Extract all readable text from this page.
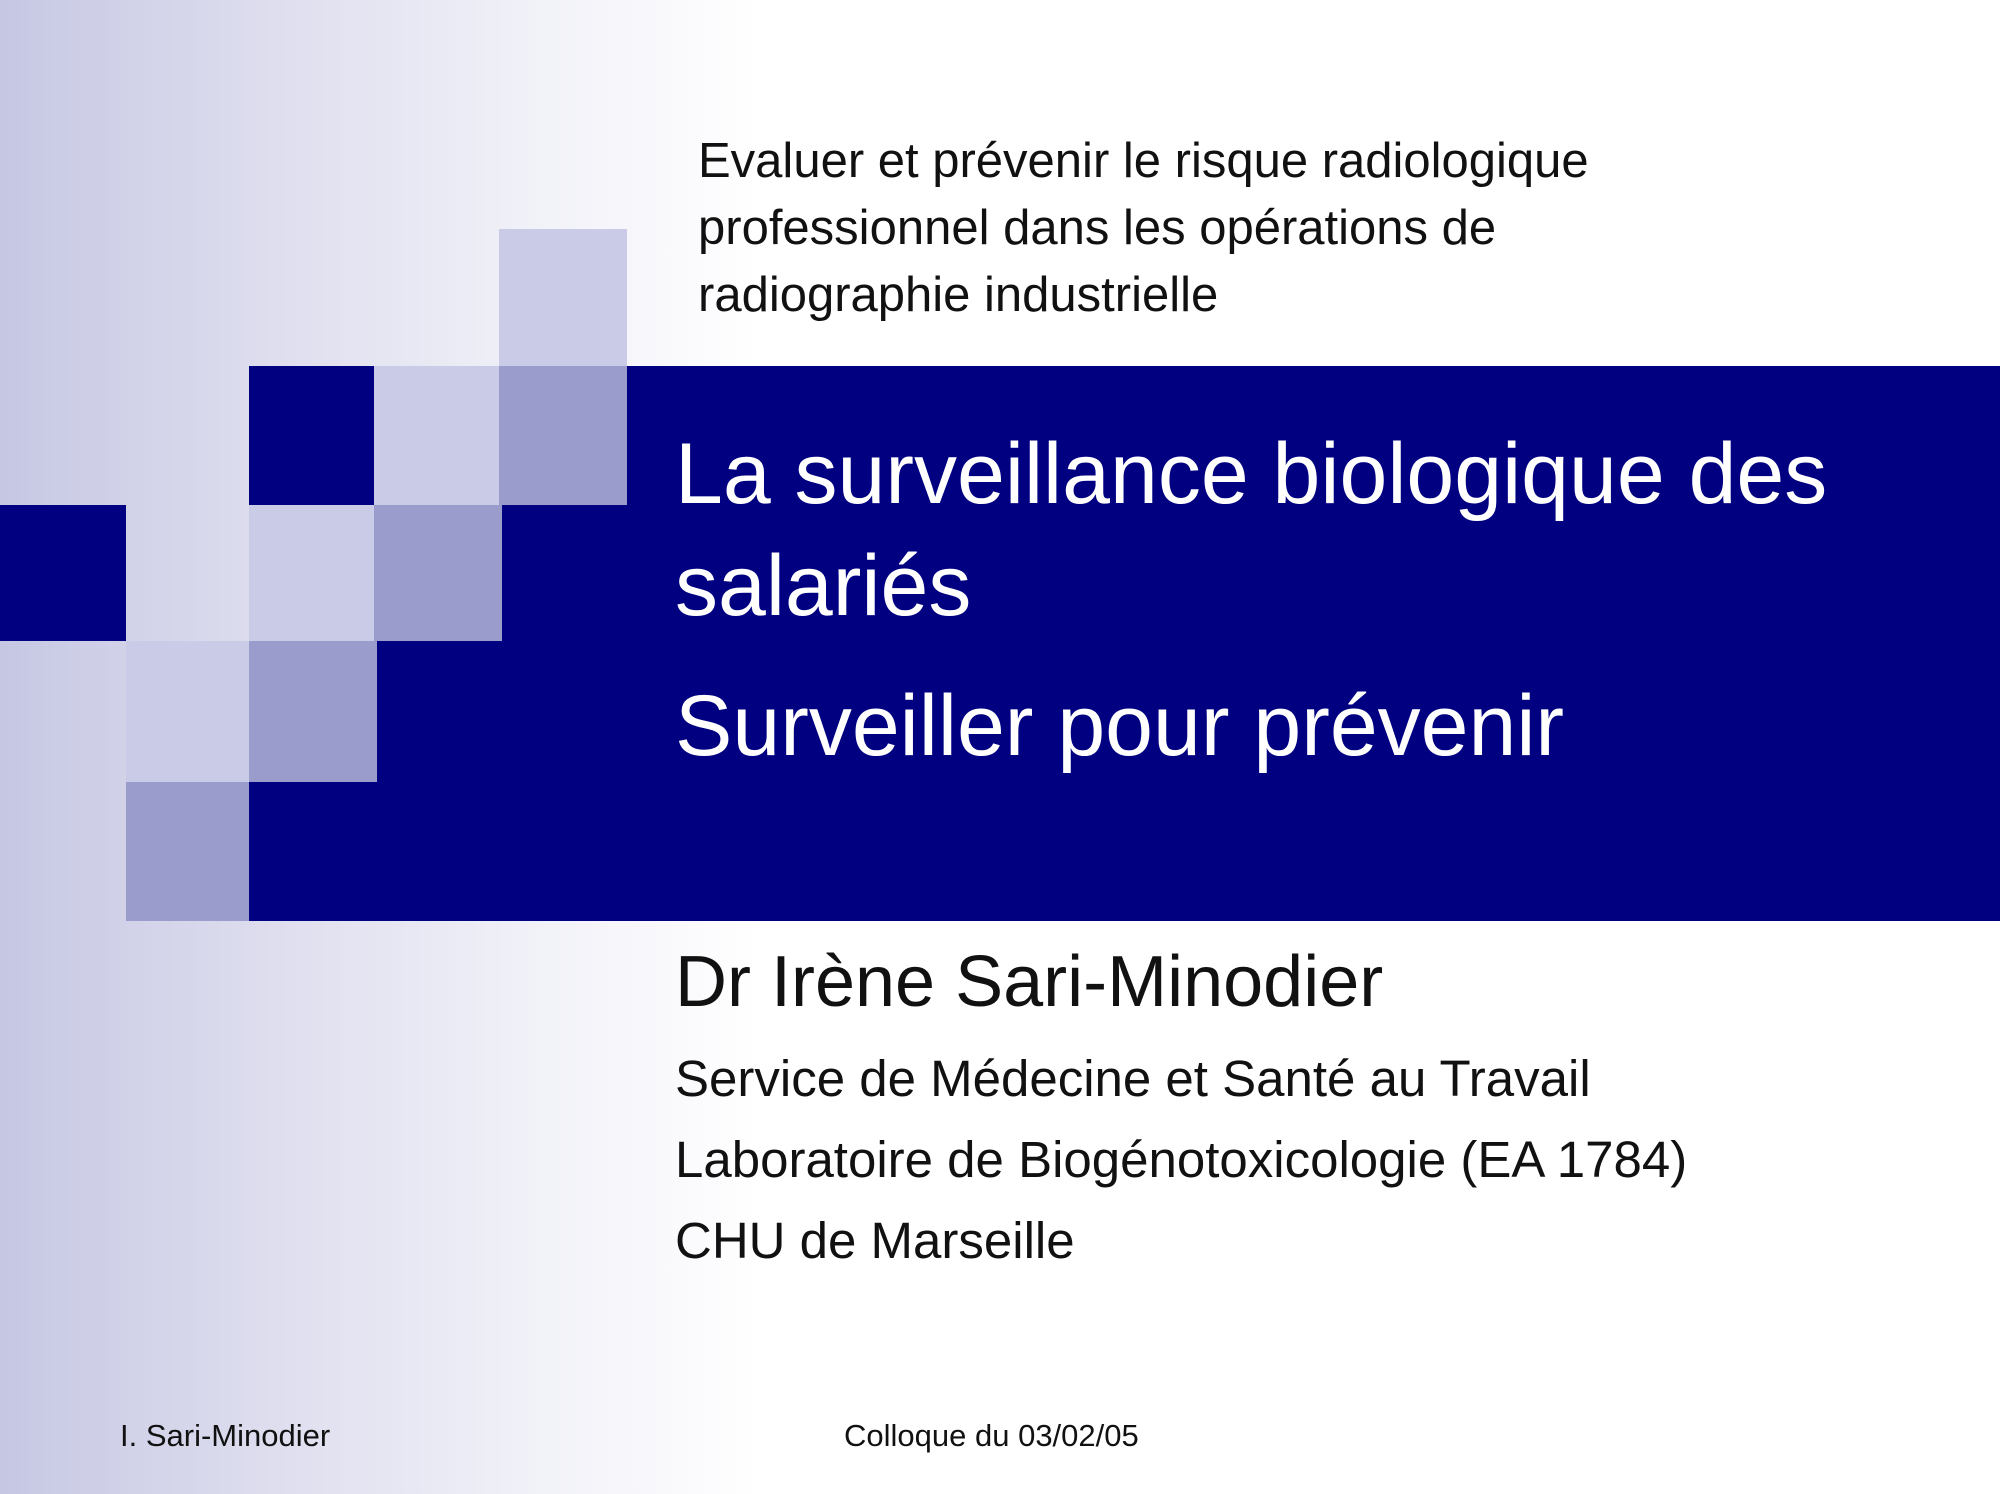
Evaluer et prévenir le risque radiologique
professionnel dans les opérations de
radiographie industrielle
La surveillance biologique des salariés
Surveiller pour prévenir
Dr Irène Sari-Minodier
Service de Médecine et Santé au Travail
Laboratoire de Biogénotoxicologie (EA 1784)
CHU de Marseille
I. Sari-Minodier	Colloque du 03/02/05
